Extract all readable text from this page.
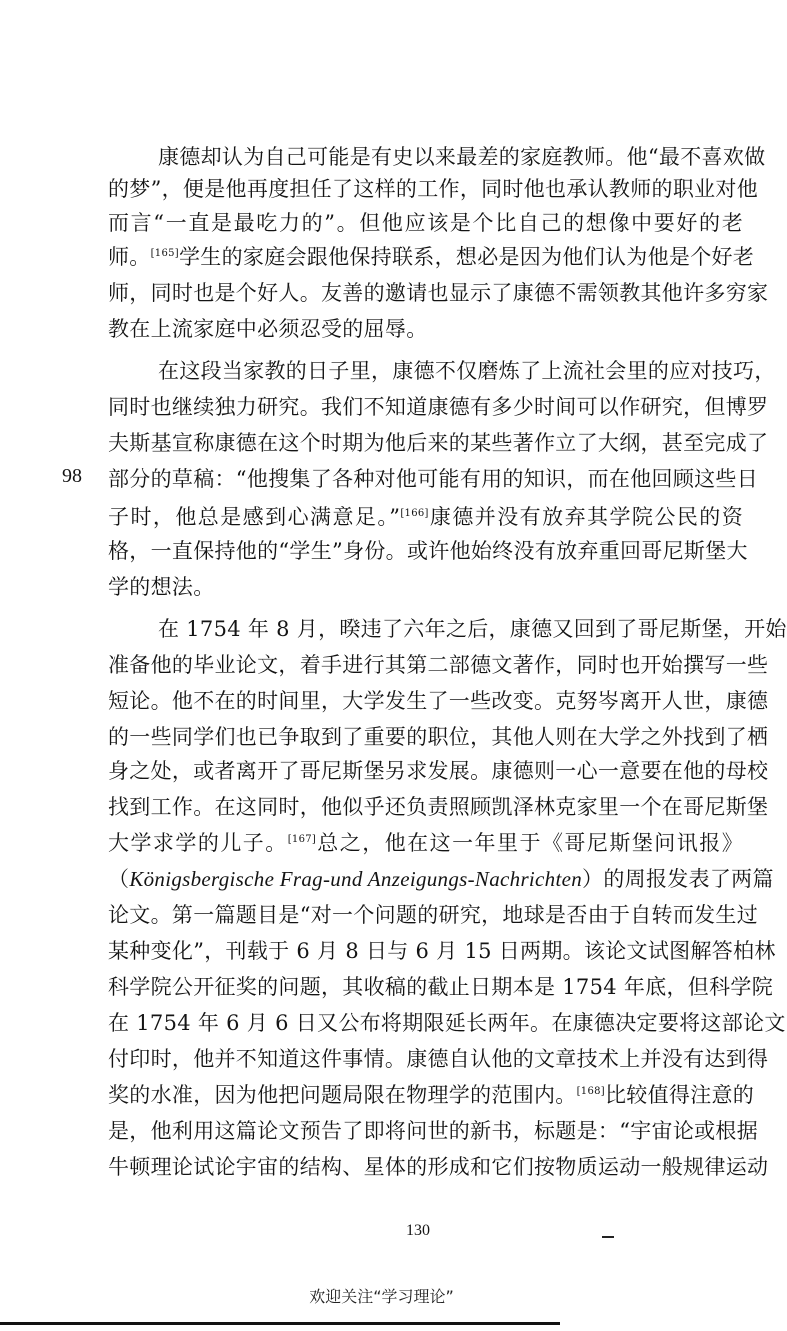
康德却认为自己可能是有史以来最差的家庭教师。他“最不喜欢做
的梦”，便是他再度担任了这样的工作，同时他也承认教师的职业对他
而言“一直是最吃力的”。但他应该是个比自己的想像中要好的老
师。[165]学生的家庭会跟他保持联系，想必是因为他们认为他是个好老
师，同时也是个好人。友善的邀请也显示了康德不需领教其他许多穷家
教在上流家庭中必须忍受的屈辱。
在这段当家教的日子里，康德不仅磨炼了上流社会里的应对技巧，
同时也继续独力研究。我们不知道康德有多少时间可以作研究，但博罗
夫斯基宣称康德在这个时期为他后来的某些著作立了大纲，甚至完成了
部分的草稿：“他搜集了各种对他可能有用的知识，而在他回顾这些日
子时，他总是感到心满意足。”[166]康德并没有放弃其学院公民的资
格，一直保持他的“学生”身份。或许他始终没有放弃重回哥尼斯堡大
学的想法。
98
在 1754 年 8 月，暌违了六年之后，康德又回到了哥尼斯堡，开始
准备他的毕业论文，着手进行其第二部德文著作，同时也开始撰写一些
短论。他不在的时间里，大学发生了一些改变。克努岑离开人世，康德
的一些同学们也已争取到了重要的职位，其他人则在大学之外找到了栖
身之处，或者离开了哥尼斯堡另求发展。康德则一心一意要在他的母校
找到工作。在这同时，他似乎还负责照顾凯泽林克家里一个在哥尼斯堡
大学求学的儿子。[167]总之，他在这一年里于《哥尼斯堡问讯报》
（Königsbergische Frag-und Anzeigungs-Nachrichten）的周报发表了两篇
论文。第一篇题目是“对一个问题的研究，地球是否由于自转而发生过
某种变化”，刊载于 6 月 8 日与 6 月 15 日两期。该论文试图解答柏林
科学院公开征奖的问题，其收稿的截止日期本是 1754 年底，但科学院
在 1754 年 6 月 6 日又公布将期限延长两年。在康德决定要将这部论文
付印时，他并不知道这件事情。康德自认他的文章技术上并没有达到得
奖的水准，因为他把问题局限在物理学的范围内。[168]比较值得注意的
是，他利用这篇论文预告了即将问世的新书，标题是：“宇宙论或根据
牛顿理论试论宇宙的结构、星体的形成和它们按物质运动一般规律运动
130
欢迎关注“学习理论”
